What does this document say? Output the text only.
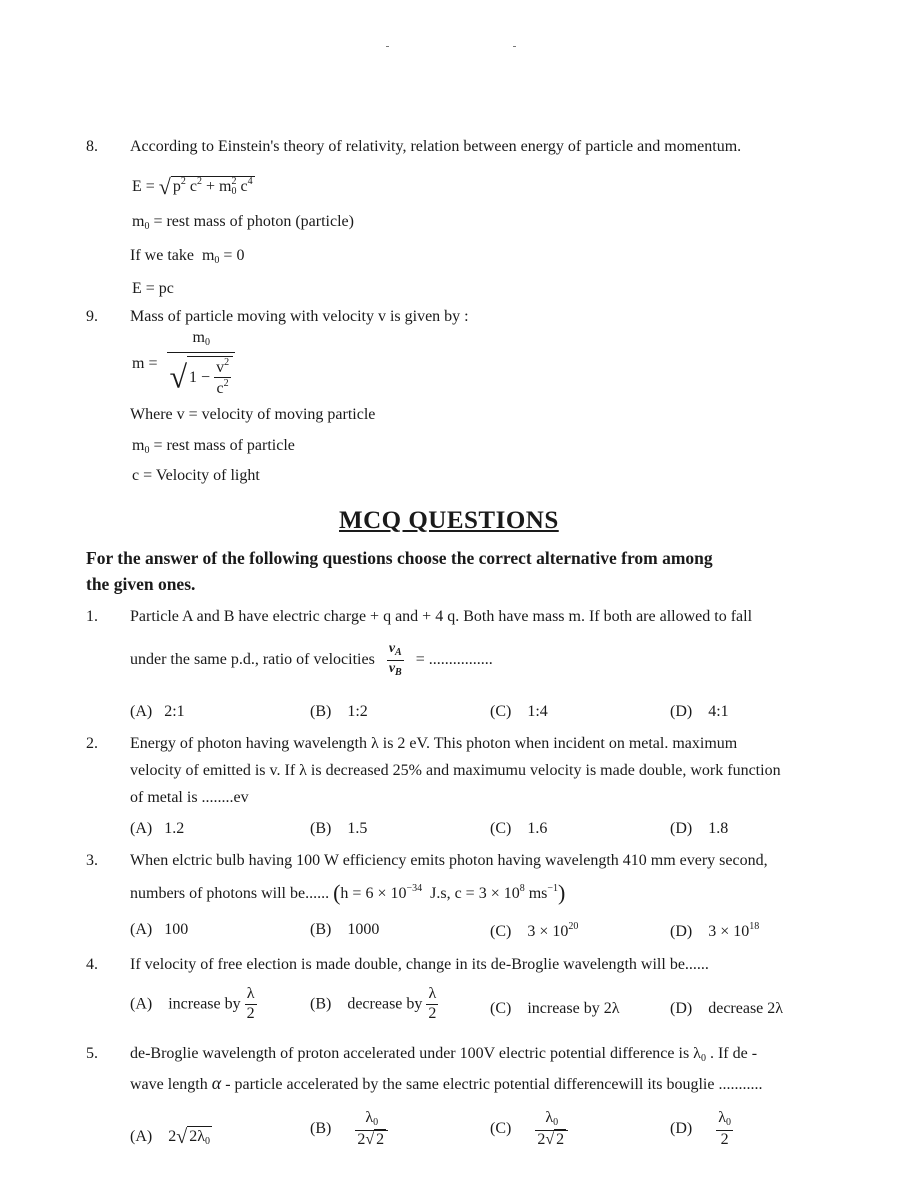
8. According to Einstein's theory of relativity, relation between energy of particle and momentum.
E = √ $p^2$ $c^2 + m_0^2$ $c^4$
$m_0$ = rest mass of photon (particle)
If we take  $m_0 = 0$
E = pc
9. Mass of particle moving with velocity v is given by :
$m = \frac{m_0}{√ 1 - \frac{v^2}{c^2}}$
Where v = velocity of moving particle
$m_0$ = rest mass of particle
c = Velocity of light
MCQ QUESTIONS
For the answer of the following questions choose the correct alternative from among
the given ones.
1. Particle A and B have electric charge + q and + 4 q. Both have mass m. If both are allowed to fall
under the same p.d., ratio of velocities $\frac{v_A}{v_B}$ = ................
(A) 2:1	(B) 1:2	(C) 1:4	(D) 4:1
2. Energy of photon having wavelength λ is 2 eV. This photon when incident on metal. maximum
velocity of emitted is v. If λ is decreased 25% and maximumu velocity is made double, work function
of metal is ........ev
(A) 1.2	(B) 1.5	(C) 1.6	(D) 1.8
3. When elctric bulb having 100 W efficiency emits photon having wavelength 410 mm every second,
numbers of photons will be...... ($h = 6 \times 10^{-34}$  J.s, $c = 3 \times 10^8$ $ms^{-1}$)
(A) 100	(B) 1000	(C) $3 \times 10^{20}$	(D) $3 \times 10^{18}$
4. If velocity of free election is made double, change in its de-Broglie wavelength will be......
(A) increase by $\frac{\lambda}{2}$	(B) decrease by $\frac{\lambda}{2}$	(C) increase by 2λ	(D) decrease 2λ
5. de-Broglie wavelength of proton accelerated under 100V electric potential difference is $\lambda_0$ . If de -
wave length α - particle accelerated by the same electric potential differencewill its bouglie ...........
(A)    2√ $2\lambda_0$
$(B) \frac{\lambda_0}{2√ 2}$	$(C) \frac{\lambda_0}{2√ 2}$	$(D) \frac{\lambda_0}{2}$
